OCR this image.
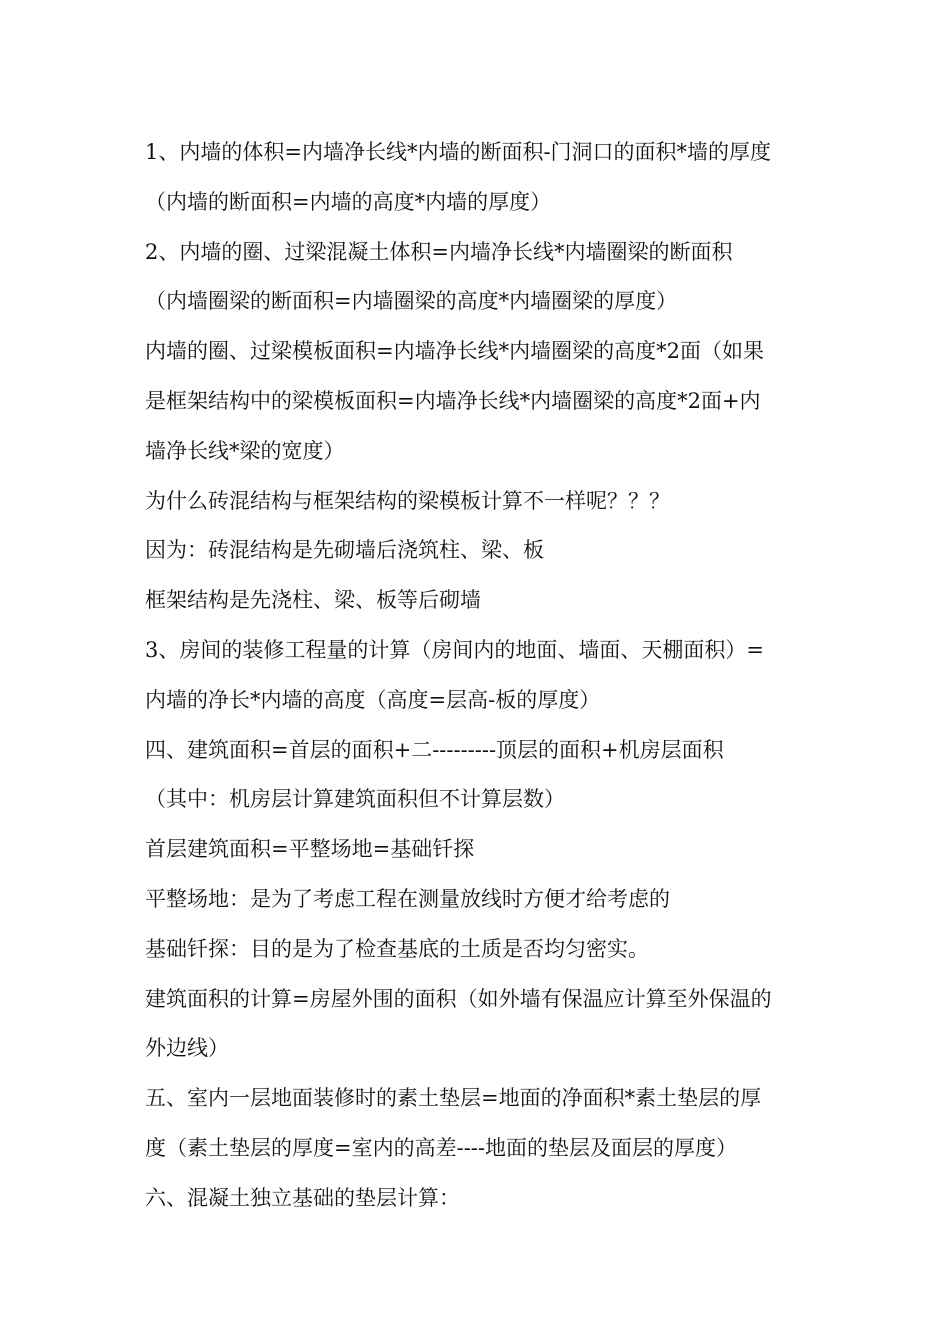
1、内墙的体积=内墙净长线*内墙的断面积-门洞口的面积*墙的厚度
（内墙的断面积=内墙的高度*内墙的厚度）
2、内墙的圈、过梁混凝土体积=内墙净长线*内墙圈梁的断面积
（内墙圈梁的断面积=内墙圈梁的高度*内墙圈梁的厚度）
内墙的圈、过梁模板面积=内墙净长线*内墙圈梁的高度*2面（如果
是框架结构中的梁模板面积=内墙净长线*内墙圈梁的高度*2面+内
墙净长线*梁的宽度）
为什么砖混结构与框架结构的梁模板计算不一样呢？？？
因为：砖混结构是先砌墙后浇筑柱、梁、板
框架结构是先浇柱、梁、板等后砌墙
3、房间的装修工程量的计算（房间内的地面、墙面、天棚面积）=
内墙的净长*内墙的高度（高度=层高-板的厚度）
四、建筑面积=首层的面积+二---------顶层的面积+机房层面积
（其中：机房层计算建筑面积但不计算层数）
首层建筑面积=平整场地=基础钎探
平整场地：是为了考虑工程在测量放线时方便才给考虑的
基础钎探：目的是为了检查基底的土质是否均匀密实。
建筑面积的计算=房屋外围的面积（如外墙有保温应计算至外保温的
外边线）
五、室内一层地面装修时的素土垫层=地面的净面积*素土垫层的厚
度（素土垫层的厚度=室内的高差----地面的垫层及面层的厚度）
六、混凝土独立基础的垫层计算：
